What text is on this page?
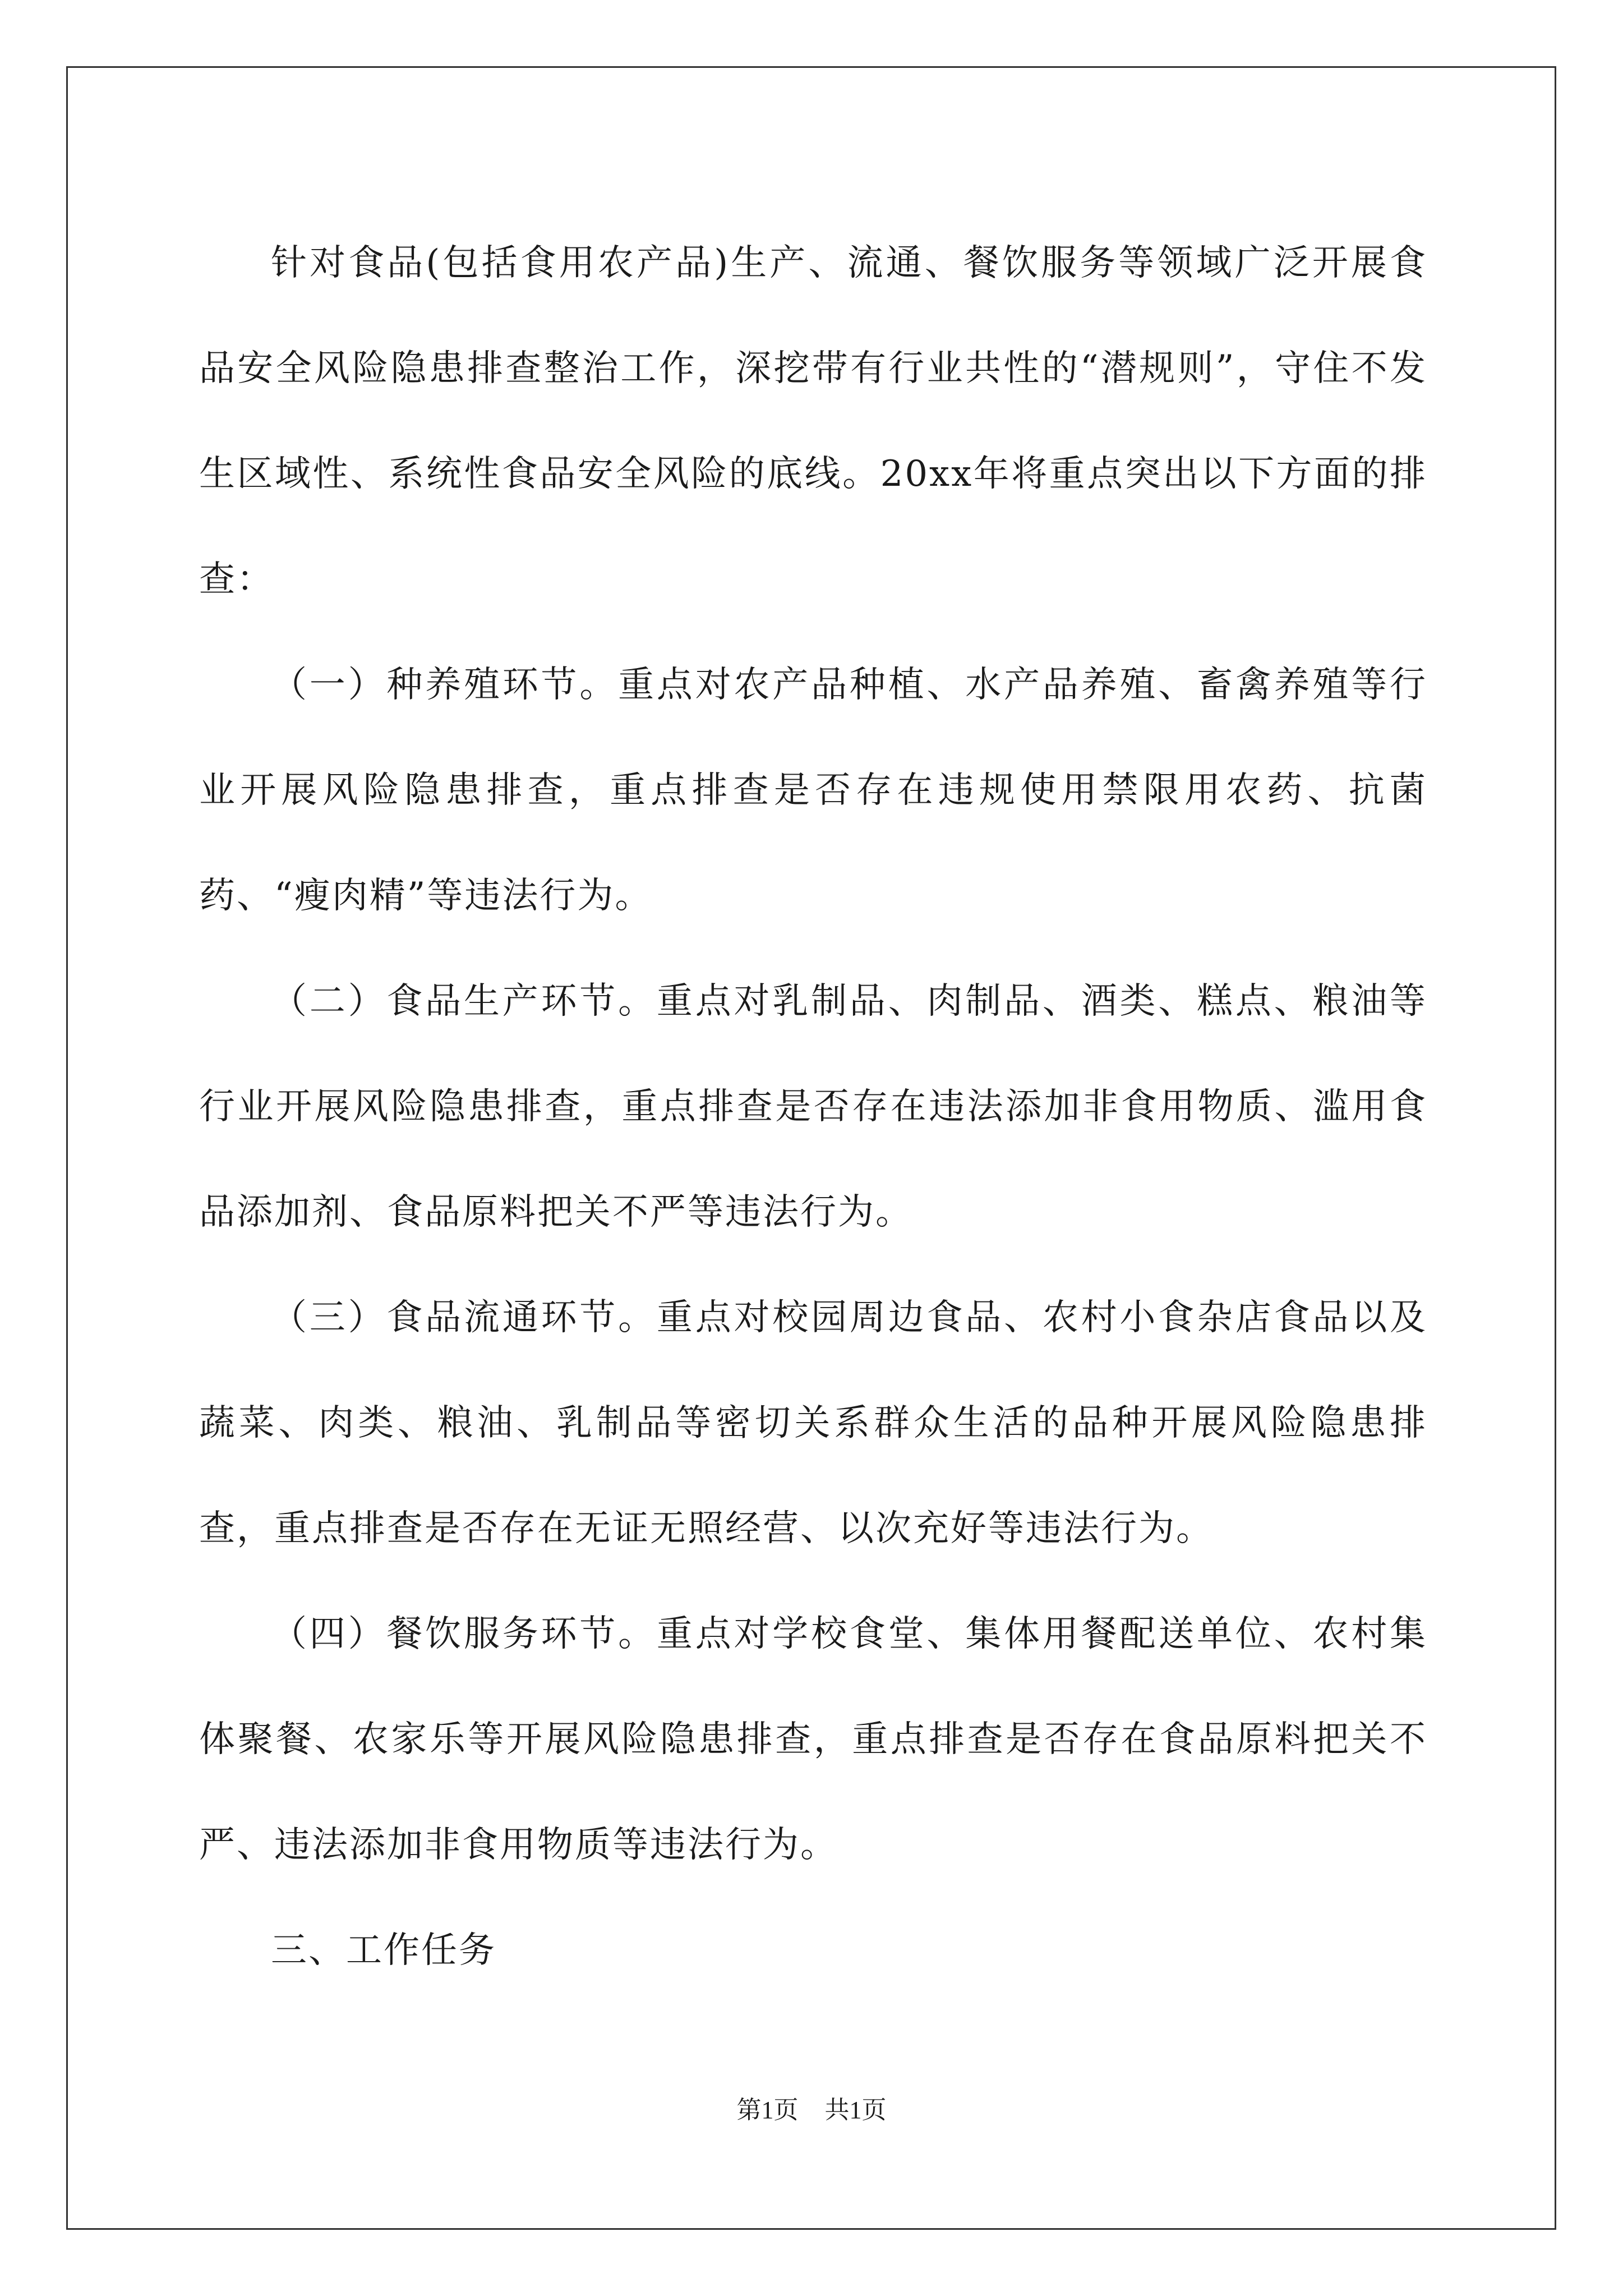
针对食品(包括食用农产品)生产、流通、餐饮服务等领域广泛开展食品安全风险隐患排查整治工作，深挖带有行业共性的“潜规则”，守住不发生区域性、系统性食品安全风险的底线。20xx年将重点突出以下方面的排查：

（一）种养殖环节。重点对农产品种植、水产品养殖、畜禽养殖等行业开展风险隐患排查，重点排查是否存在违规使用禁限用农药、抗菌药、“瘦肉精”等违法行为。

（二）食品生产环节。重点对乳制品、肉制品、酒类、糕点、粮油等行业开展风险隐患排查，重点排查是否存在违法添加非食用物质、滥用食品添加剂、食品原料把关不严等违法行为。

（三）食品流通环节。重点对校园周边食品、农村小食杂店食品以及蔬菜、肉类、粮油、乳制品等密切关系群众生活的品种开展风险隐患排查，重点排查是否存在无证无照经营、以次充好等违法行为。

（四）餐饮服务环节。重点对学校食堂、集体用餐配送单位、农村集体聚餐、农家乐等开展风险隐患排查，重点排查是否存在食品原料把关不严、违法添加非食用物质等违法行为。

三、工作任务

第1页 共1页
